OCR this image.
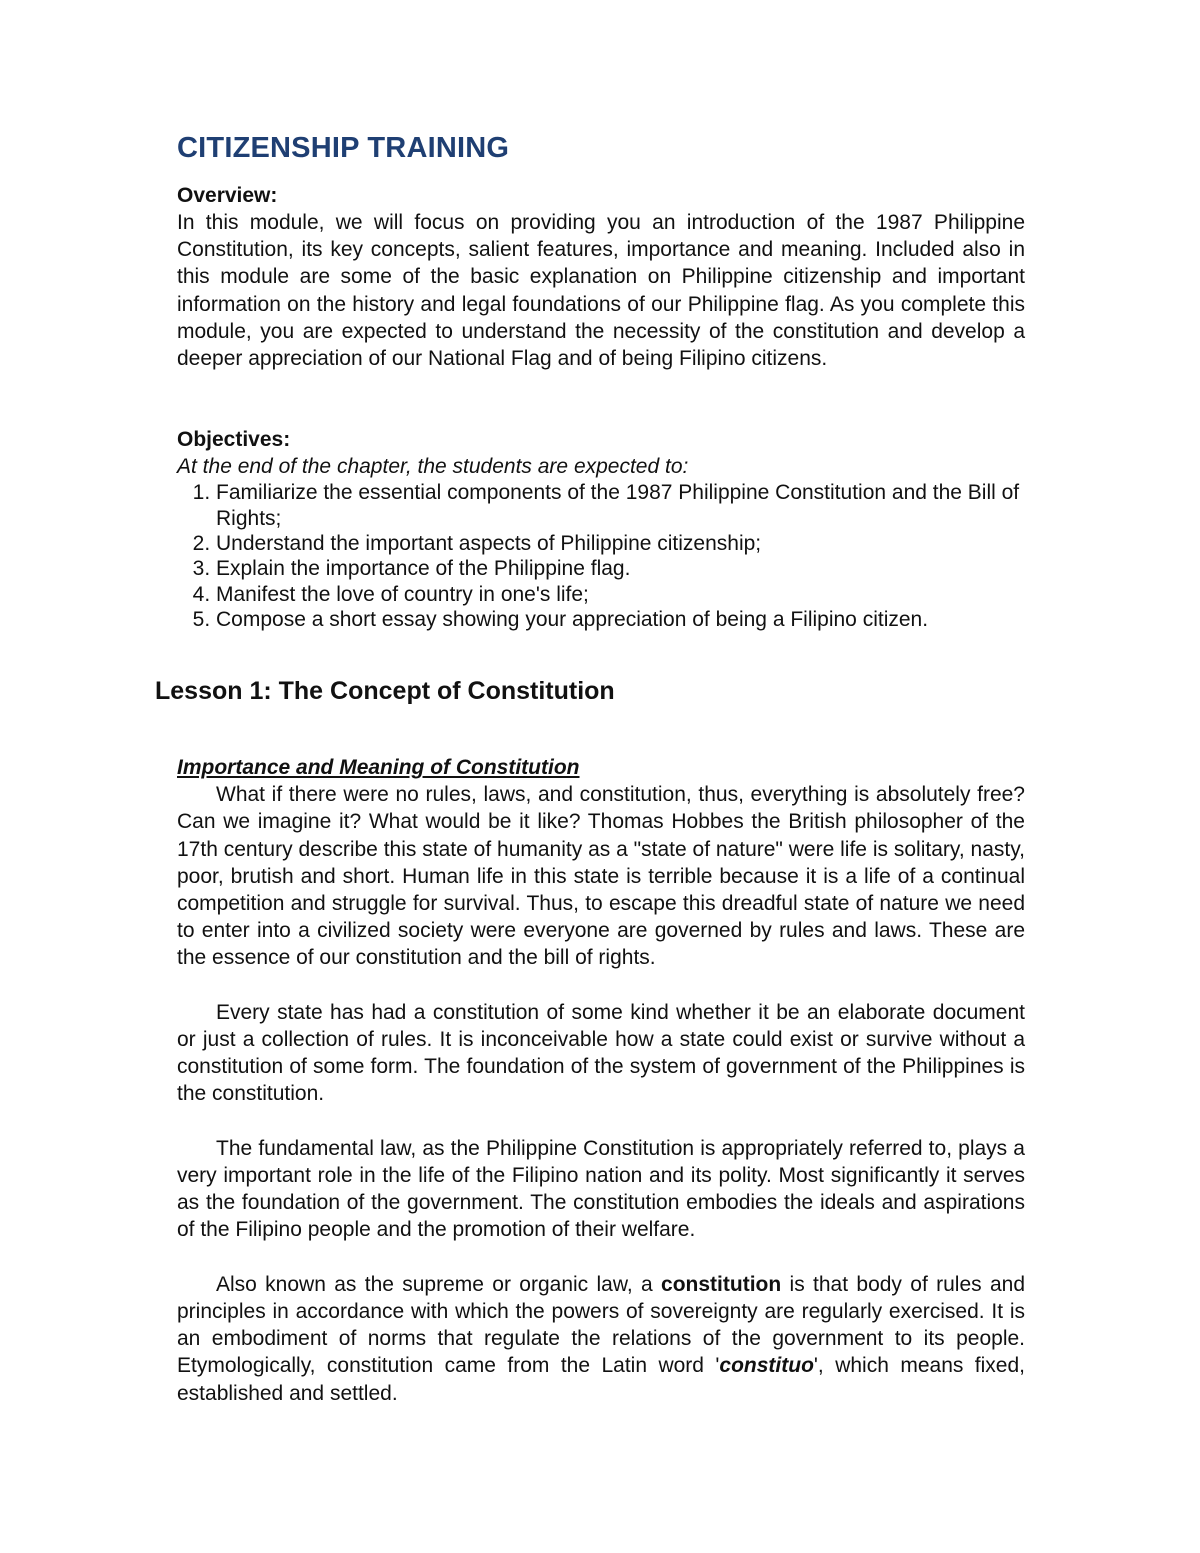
CITIZENSHIP TRAINING
Overview:

In this module, we will focus on providing you an introduction of the 1987 Philippine Constitution, its key concepts, salient features, importance and meaning. Included also in this module are some of the basic explanation on Philippine citizenship and important information on the history and legal foundations of our Philippine flag. As you complete this module, you are expected to understand the necessity of the constitution and develop a deeper appreciation of our National Flag and of being Filipino citizens.

Objectives:

At the end of the chapter, the students are expected to:

1. Familiarize the essential components of the 1987 Philippine Constitution and the Bill of Rights;
2. Understand the important aspects of Philippine citizenship;
3. Explain the importance of the Philippine flag.
4. Manifest the love of country in one's life;
5. Compose a short essay showing your appreciation of being a Filipino citizen.
Lesson 1: The Concept of Constitution
Importance and Meaning of Constitution

What if there were no rules, laws, and constitution, thus, everything is absolutely free? Can we imagine it? What would be it like? Thomas Hobbes the British philosopher of the 17th century describe this state of humanity as a "state of nature" were life is solitary, nasty, poor, brutish and short. Human life in this state is terrible because it is a life of a continual competition and struggle for survival. Thus, to escape this dreadful state of nature we need to enter into a civilized society were everyone are governed by rules and laws. These are the essence of our constitution and the bill of rights.

Every state has had a constitution of some kind whether it be an elaborate document or just a collection of rules. It is inconceivable how a state could exist or survive without a constitution of some form. The foundation of the system of government of the Philippines is the constitution.

The fundamental law, as the Philippine Constitution is appropriately referred to, plays a very important role in the life of the Filipino nation and its polity. Most significantly it serves as the foundation of the government. The constitution embodies the ideals and aspirations of the Filipino people and the promotion of their welfare.

Also known as the supreme or organic law, a constitution is that body of rules and principles in accordance with which the powers of sovereignty are regularly exercised. It is an embodiment of norms that regulate the relations of the government to its people. Etymologically, constitution came from the Latin word 'constituo', which means fixed, established and settled.
